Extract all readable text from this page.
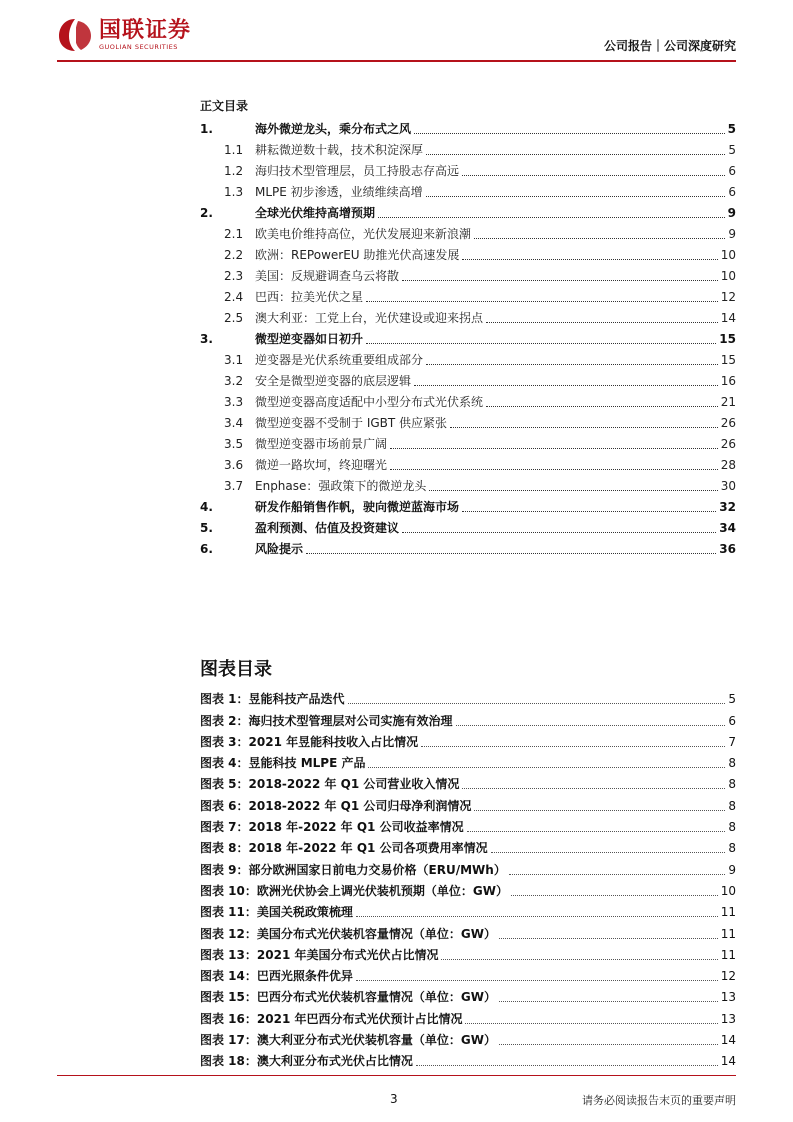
国联证券
GUOLIAN SECURITIES	公司报告｜公司深度研究
正文目录
1.	海外微逆龙头，乘分布式之风	5
1.1 耕耘微逆数十载，技术积淀深厚	5
1.2 海归技术型管理层，员工持股志存高远	6
1.3 MLPE 初步渗透，业绩维续高增	6
2.	全球光伏维持高增预期	9
2.1 欧美电价维持高位，光伏发展迎来新浪潮	9
2.2 欧洲：REPowerEU 助推光伏高速发展	10
2.3 美国：反规避调查乌云将散	10
2.4 巴西：拉美光伏之星	12
2.5 澳大利亚：工党上台，光伏建设或迎来拐点	14
3.	微型逆变器如日初升	15
3.1 逆变器是光伏系统重要组成部分	15
3.2 安全是微型逆变器的底层逻辑	16
3.3 微型逆变器高度适配中小型分布式光伏系统	21
3.4 微型逆变器不受制于 IGBT 供应紧张	26
3.5 微型逆变器市场前景广阔	26
3.6 微逆一路坎坷，终迎曙光	28
3.7 Enphase：强政策下的微逆龙头	30
4.	研发作船销售作帆，驶向微逆蓝海市场	32
5.	盈利预测、估值及投资建议	34
6.	风险提示	36
图表目录
图表 1： 昱能科技产品迭代	5
图表 2： 海归技术型管理层对公司实施有效治理	6
图表 3： 2021 年昱能科技收入占比情况	7
图表 4： 昱能科技 MLPE 产品	8
图表 5： 2018-2022 年 Q1 公司营业收入情况	8
图表 6： 2018-2022 年 Q1 公司归母净利润情况	8
图表 7： 2018 年-2022 年 Q1 公司收益率情况	8
图表 8： 2018 年-2022 年 Q1 公司各项费用率情况	8
图表 9： 部分欧洲国家日前电力交易价格（ERU/MWh）	9
图表 10： 欧洲光伏协会上调光伏装机预期（单位：GW）	10
图表 11： 美国关税政策梳理	11
图表 12： 美国分布式光伏装机容量情况（单位：GW）	11
图表 13： 2021 年美国分布式光伏占比情况	11
图表 14： 巴西光照条件优异	12
图表 15： 巴西分布式光伏装机容量情况（单位：GW）	13
图表 16： 2021 年巴西分布式光伏预计占比情况	13
图表 17： 澳大利亚分布式光伏装机容量（单位：GW）	14
图表 18： 澳大利亚分布式光伏占比情况	14
3	请务必阅读报告末页的重要声明
